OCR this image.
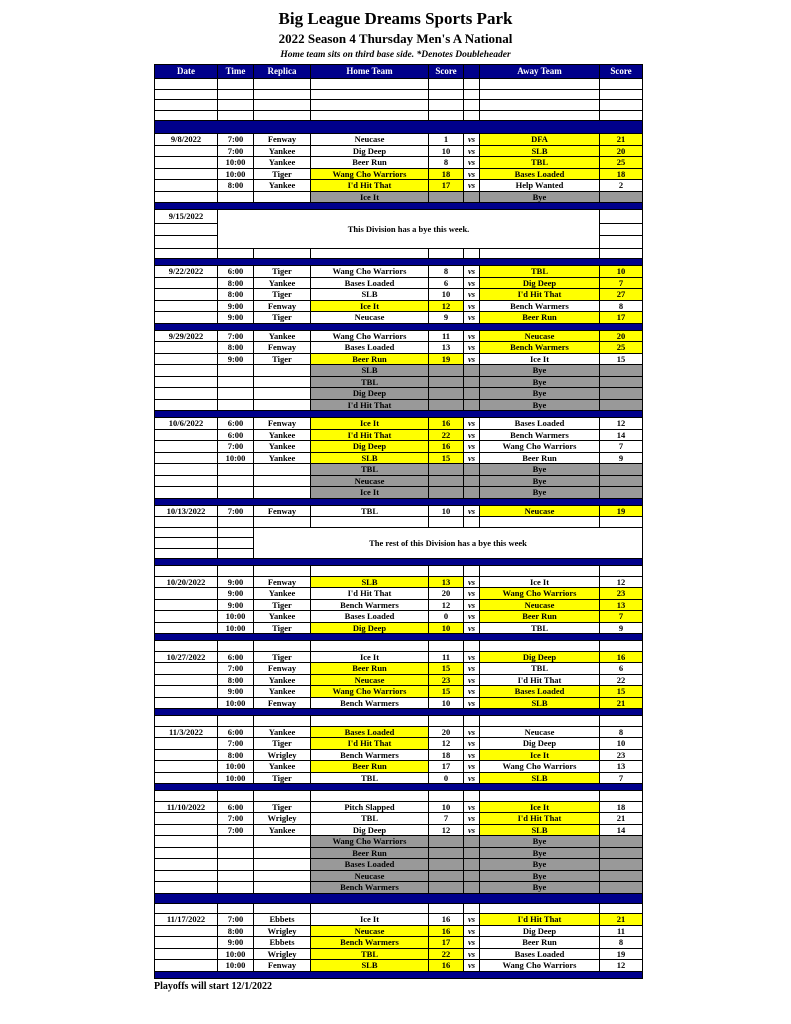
Big League Dreams Sports Park
2022 Season 4 Thursday Men's A National
Home team sits on third base side. *Denotes Doubleheader
Date	Time	Replica	Home Team	Score		Away Team	Score

9/8/2022	7:00	Fenway	Neucase	1	vs	DFA	21
	7:00	Yankee	Dig Deep	10	vs	SLB	20
	10:00	Yankee	Beer Run	8	vs	TBL	25
	10:00	Tiger	Wang Cho Warriors	18	vs	Bases Loaded	18
	8:00	Yankee	I'd Hit That	17	vs	Help Wanted	2
			Ice It			Bye	

9/15/2022	This Division has a bye this week.						

9/22/2022	6:00	Tiger	Wang Cho Warriors	8	vs	TBL	10
	8:00	Yankee	Bases Loaded	6	vs	Dig Deep	7
	8:00	Tiger	SLB	10	vs	I'd Hit That	27
	9:00	Fenway	Ice It	12	vs	Bench Warmers	8
	9:00	Tiger	Neucase	9	vs	Beer Run	17

9/29/2022	7:00	Yankee	Wang Cho Warriors	11	vs	Neucase	20
	8:00	Fenway	Bases Loaded	13	vs	Bench Warmers	25
	9:00	Tiger	Beer Run	19	vs	Ice It	15
			SLB			Bye	
			TBL			Bye	
			Dig Deep			Bye	
			I'd Hit That			Bye	

10/6/2022	6:00	Fenway	Ice It	16	vs	Bases Loaded	12
	6:00	Yankee	I'd Hit That	22	vs	Bench Warmers	14
	7:00	Yankee	Dig Deep	16	vs	Wang Cho Warriors	7
	10:00	Yankee	SLB	15	vs	Beer Run	9
			TBL			Bye	
			Neucase			Bye	
			Ice It			Bye	

10/13/2022	7:00	Fenway	TBL	10	vs	Neucase	19

		The rest of this Division has a bye this week					

10/20/2022	9:00	Fenway	SLB	13	vs	Ice It	12
	9:00	Yankee	I'd Hit That	20	vs	Wang Cho Warriors	23
	9:00	Tiger	Bench Warmers	12	vs	Neucase	13
	10:00	Yankee	Bases Loaded	0	vs	Beer Run	7
	10:00	Tiger	Dig Deep	10	vs	TBL	9

10/27/2022	6:00	Tiger	Ice It	11	vs	Dig Deep	16
	7:00	Fenway	Beer Run	15	vs	TBL	6
	8:00	Yankee	Neucase	23	vs	I'd Hit That	22
	9:00	Yankee	Wang Cho Warriors	15	vs	Bases Loaded	15
	10:00	Fenway	Bench Warmers	10	vs	SLB	21

11/3/2022	6:00	Yankee	Bases Loaded	20	vs	Neucase	8
	7:00	Tiger	I'd Hit That	12	vs	Dig Deep	10
	8:00	Wrigley	Bench Warmers	18	vs	Ice It	23
	10:00	Yankee	Beer Run	17	vs	Wang Cho Warriors	13
	10:00	Tiger	TBL	0	vs	SLB	7

11/10/2022	6:00	Tiger	Pitch Slapped	10	vs	Ice It	18
	7:00	Wrigley	TBL	7	vs	I'd Hit That	21
	7:00	Yankee	Dig Deep	12	vs	SLB	14
			Wang Cho Warriors			Bye	
			Beer Run			Bye	
			Bases Loaded			Bye	
			Neucase			Bye	
			Bench Warmers			Bye	

11/17/2022	7:00	Ebbets	Ice It	16	vs	I'd Hit That	21
	8:00	Wrigley	Neucase	16	vs	Dig Deep	11
	9:00	Ebbets	Bench Warmers	17	vs	Beer Run	8
	10:00	Wrigley	TBL	22	vs	Bases Loaded	19
	10:00	Fenway	SLB	16	vs	Wang Cho Warriors	12

Playoffs will start 12/1/2022
